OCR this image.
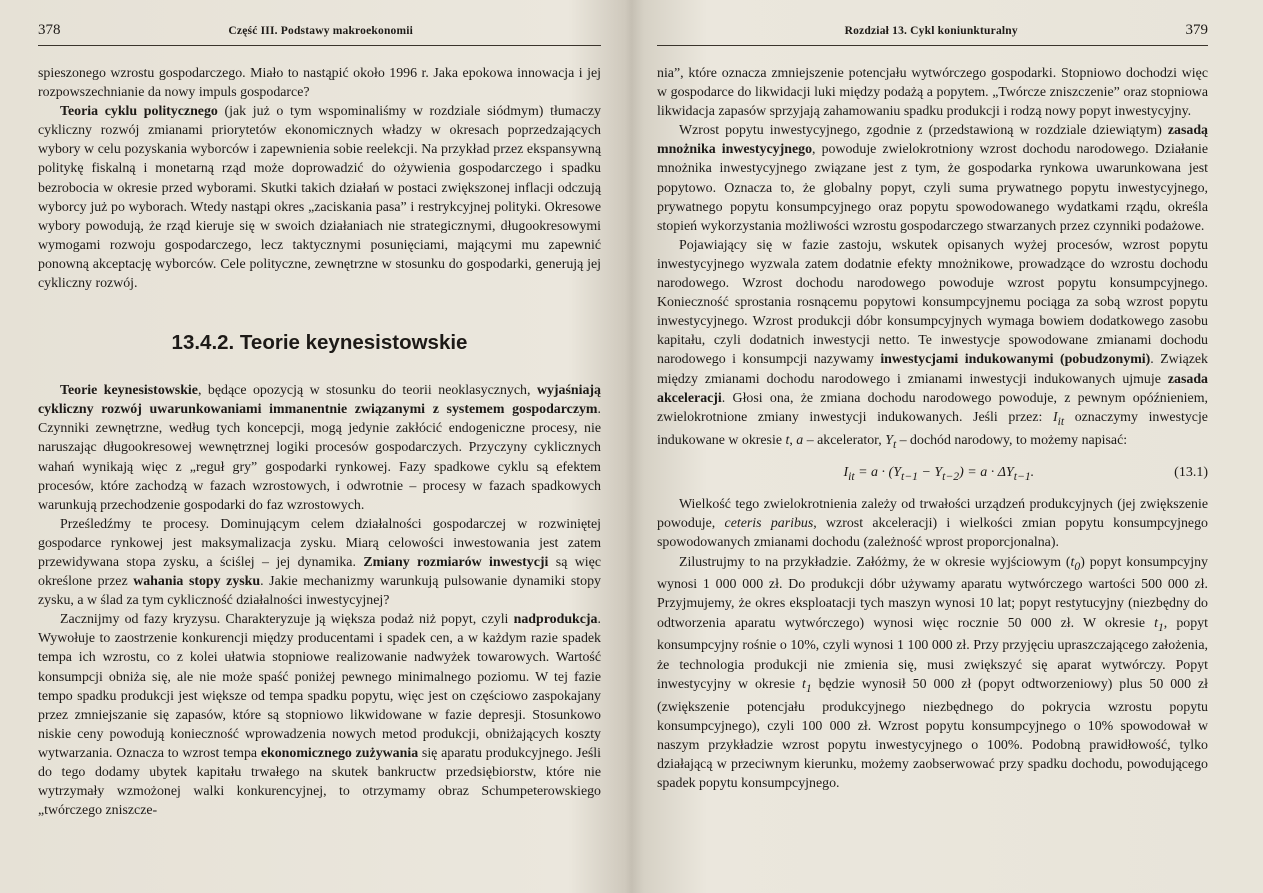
378	Część III. Podstawy makroekonomii

spieszonego wzrostu gospodarczego. Miało to nastąpić około 1996 r. Jaka epokowa innowacja i jej rozpowszechnianie da nowy impuls gospodarce?

Teoria cyklu politycznego (jak już o tym wspominaliśmy w rozdziale siódmym) tłumaczy cykliczny rozwój zmianami priorytetów ekonomicznych władzy w okresach poprzedzających wybory w celu pozyskania wyborców i zapewnienia sobie reelekcji. Na przykład przez ekspansywną politykę fiskalną i monetarną rząd może doprowadzić do ożywienia gospodarczego i spadku bezrobocia w okresie przed wyborami. Skutki takich działań w postaci zwiększonej inflacji odczują wyborcy już po wyborach. Wtedy nastąpi okres „zaciskania pasa” i restrykcyjnej polityki. Okresowe wybory powodują, że rząd kieruje się w swoich działaniach nie strategicznymi, długookresowymi wymogami rozwoju gospodarczego, lecz taktycznymi posunięciami, mającymi mu zapewnić ponowną akceptację wyborców. Cele polityczne, zewnętrzne w stosunku do gospodarki, generują jej cykliczny rozwój.

13.4.2. Teorie keynesistowskie

Teorie keynesistowskie, będące opozycją w stosunku do teorii neoklasycznych, wyjaśniają cykliczny rozwój uwarunkowaniami immanentnie związanymi z systemem gospodarczym. Czynniki zewnętrzne, według tych koncepcji, mogą jedynie zakłócić endogeniczne procesy, nie naruszając długookresowej wewnętrznej logiki procesów gospodarczych. Przyczyny cyklicznych wahań wynikają więc z „reguł gry” gospodarki rynkowej. Fazy spadkowe cyklu są efektem procesów, które zachodzą w fazach wzrostowych, i odwrotnie – procesy w fazach spadkowych warunkują przechodzenie gospodarki do faz wzrostowych.

Prześledźmy te procesy. Dominującym celem działalności gospodarczej w rozwiniętej gospodarce rynkowej jest maksymalizacja zysku. Miarą celowości inwestowania jest zatem przewidywana stopa zysku, a ściślej – jej dynamika. Zmiany rozmiarów inwestycji są więc określone przez wahania stopy zysku. Jakie mechanizmy warunkują pulsowanie dynamiki stopy zysku, a w ślad za tym cykliczność działalności inwestycyjnej?

Zacznijmy od fazy kryzysu. Charakteryzuje ją większa podaż niż popyt, czyli nadprodukcja. Wywołuje to zaostrzenie konkurencji między producentami i spadek cen, a w każdym razie spadek tempa ich wzrostu, co z kolei ułatwia stopniowe realizowanie nadwyżek towarowych. Wartość konsumpcji obniża się, ale nie może spaść poniżej pewnego minimalnego poziomu. W tej fazie tempo spadku produkcji jest większe od tempa spadku popytu, więc jest on częściowo zaspokajany przez zmniejszanie się zapasów, które są stopniowo likwidowane w fazie depresji. Stosunkowo niskie ceny powodują konieczność wprowadzenia nowych metod produkcji, obniżających koszty wytwarzania. Oznacza to wzrost tempa ekonomicznego zużywania się aparatu produkcyjnego. Jeśli do tego dodamy ubytek kapitału trwałego na skutek bankructw przedsiębiorstw, które nie wytrzymały wzmożonej walki konkurencyjnej, to otrzymamy obraz Schumpeterowskiego „twórczego zniszcze-

Rozdział 13. Cykl koniunkturalny	379

nia”, które oznacza zmniejszenie potencjału wytwórczego gospodarki. Stopniowo dochodzi więc w gospodarce do likwidacji luki między podażą a popytem. „Twórcze zniszczenie” oraz stopniowa likwidacja zapasów sprzyjają zahamowaniu spadku produkcji i rodzą nowy popyt inwestycyjny.

Wzrost popytu inwestycyjnego, zgodnie z (przedstawioną w rozdziale dziewiątym) zasadą mnożnika inwestycyjnego, powoduje zwielokrotniony wzrost dochodu narodowego. Działanie mnożnika inwestycyjnego związane jest z tym, że gospodarka rynkowa uwarunkowana jest popytowo. Oznacza to, że globalny popyt, czyli suma prywatnego popytu inwestycyjnego, prywatnego popytu konsumpcyjnego oraz popytu spowodowanego wydatkami rządu, określa stopień wykorzystania możliwości wzrostu gospodarczego stwarzanych przez czynniki podażowe.

Pojawiający się w fazie zastoju, wskutek opisanych wyżej procesów, wzrost popytu inwestycyjnego wyzwala zatem dodatnie efekty mnożnikowe, prowadzące do wzrostu dochodu narodowego. Wzrost dochodu narodowego powoduje wzrost popytu konsumpcyjnego. Konieczność sprostania rosnącemu popytowi konsumpcyjnemu pociąga za sobą wzrost popytu inwestycyjnego. Wzrost produkcji dóbr konsumpcyjnych wymaga bowiem dodatkowego zasobu kapitału, czyli dodatnich inwestycji netto. Te inwestycje spowodowane zmianami dochodu narodowego i konsumpcji nazywamy inwestycjami indukowanymi (pobudzonymi). Związek między zmianami dochodu narodowego i zmianami inwestycji indukowanych ujmuje zasada akceleracji. Głosi ona, że zmiana dochodu narodowego powoduje, z pewnym opóźnieniem, zwielokrotnione zmiany inwestycji indukowanych. Jeśli przez: $I_{it}$ oznaczymy inwestycje indukowane w okresie t, a – akcelerator, $Y_t$ – dochód narodowy, to możemy napisać:

$I_{it} = a \cdot (Y_{t-1} - Y_{t-2}) = a \cdot \Delta Y_{t-1}$.	(13.1)

Wielkość tego zwielokrotnienia zależy od trwałości urządzeń produkcyjnych (jej zwiększenie powoduje, ceteris paribus, wzrost akceleracji) i wielkości zmian popytu konsumpcyjnego spowodowanych zmianami dochodu (zależność wprost proporcjonalna).

Zilustrujmy to na przykładzie. Załóżmy, że w okresie wyjściowym $(t_0)$ popyt konsumpcyjny wynosi 1 000 000 zł. Do produkcji dóbr używamy aparatu wytwórczego wartości 500 000 zł. Przyjmujemy, że okres eksploatacji tych maszyn wynosi 10 lat; popyt restytucyjny (niezbędny do odtworzenia aparatu wytwórczego) wynosi więc rocznie 50 000 zł. W okresie $t_1$, popyt konsumpcyjny rośnie o 10%, czyli wynosi 1 100 000 zł. Przy przyjęciu upraszczającego założenia, że technologia produkcji nie zmienia się, musi zwiększyć się aparat wytwórczy. Popyt inwestycyjny w okresie $t_1$ będzie wynosił 50 000 zł (popyt odtworzeniowy) plus 50 000 zł (zwiększenie potencjału produkcyjnego niezbędnego do pokrycia wzrostu popytu konsumpcyjnego), czyli 100 000 zł. Wzrost popytu konsumpcyjnego o 10% spowodował w naszym przykładzie wzrost popytu inwestycyjnego o 100%. Podobną prawidłowość, tylko działającą w przeciwnym kierunku, możemy zaobserwować przy spadku dochodu, powodującego spadek popytu konsumpcyjnego.
